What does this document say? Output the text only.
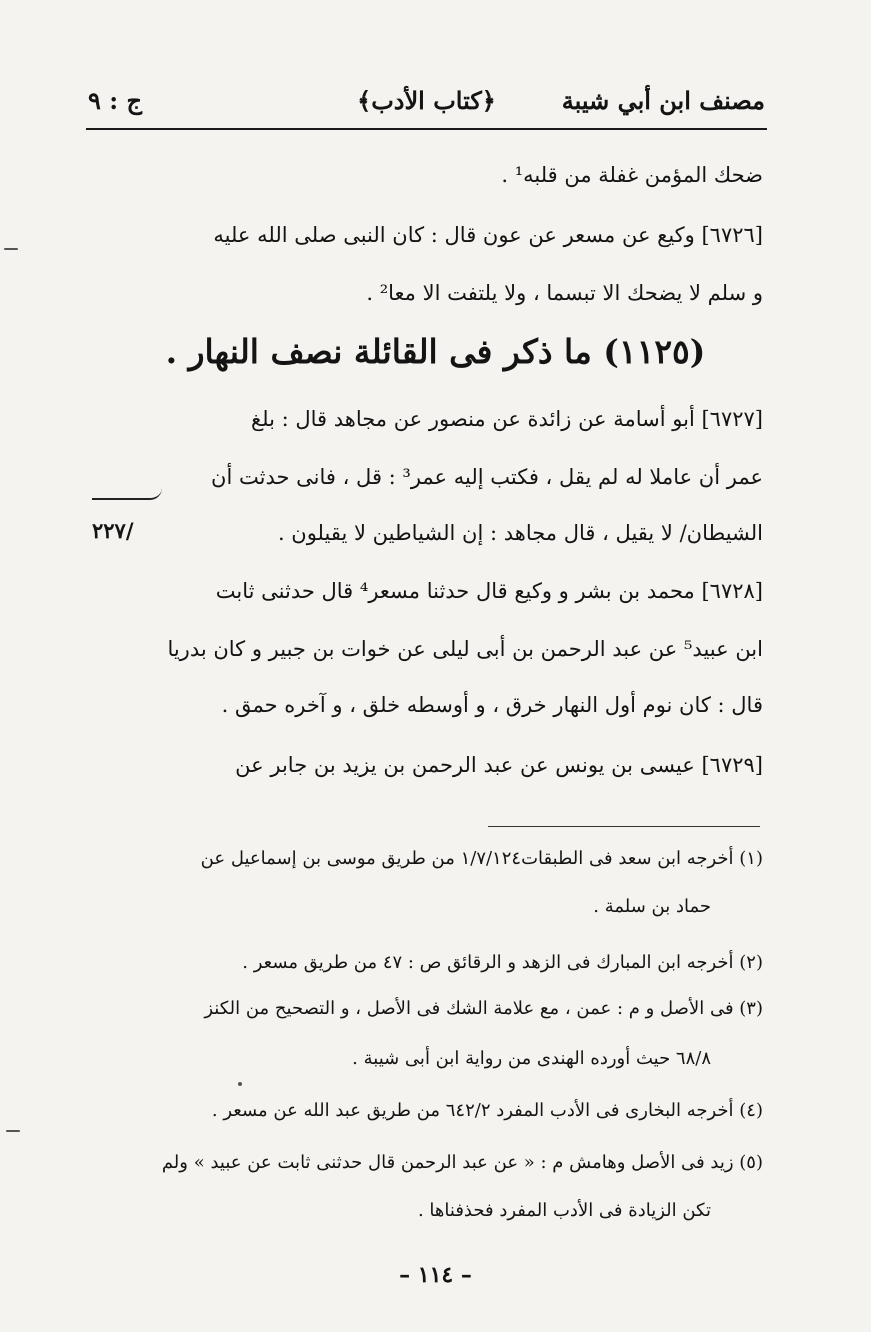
مصنف ابن أبي شيبة
﴿كتاب الأدب﴾
ج : ٩
ضحك المؤمن غفلة من قلبه¹ .
[٦٧٢٦] وكيع عن مسعر عن عون قال : كان النبى صلى الله عليه
و سلم لا يضحك الا تبسما ، ولا يلتفت الا معا² .
(١١٢٥) ما ذكر فى القائلة نصف النهار .
[٦٧٢٧] أبو أسامة عن زائدة عن منصور عن مجاهد قال : بلغ
عمر أن عاملا له لم يقل ، فكتب إليه عمر³ : قل ، فانى حدثت أن
الشيطان/ لا يقيل ، قال مجاهد : إن الشياطين لا يقيلون .
٢٢٧/
[٦٧٢٨] محمد بن بشر و وكيع قال حدثنا مسعر⁴ قال حدثنى ثابت
ابن عبيد⁵ عن عبد الرحمن بن أبى ليلى عن خوات بن جبير و كان بدريا
قال : كان نوم أول النهار خرق ، و أوسطه خلق ، و آخره حمق .
[٦٧٢٩] عيسى بن يونس عن عبد الرحمن بن يزيد بن جابر عن
(١) أخرجه ابن سعد فى الطبقات١/٧/١٢٤ من طريق موسى بن إسماعيل عن
حماد بن سلمة .
(٢) أخرجه ابن المبارك فى الزهد و الرقائق ص : ٤٧ من طريق مسعر .
(٣) فى الأصل و م : عمن ، مع علامة الشك فى الأصل ، و التصحيح من الكنز
٦٨/٨ حيث أورده الهندى من رواية ابن أبى شيبة .
(٤) أخرجه البخارى فى الأدب المفرد ٦٤٢/٢ من طريق عبد الله عن مسعر .
(٥) زيد فى الأصل وهامش م : « عن عبد الرحمن قال حدثنى ثابت عن عبيد » ولم
تكن الزيادة فى الأدب المفرد فحذفناها .
– ١١٤ –
